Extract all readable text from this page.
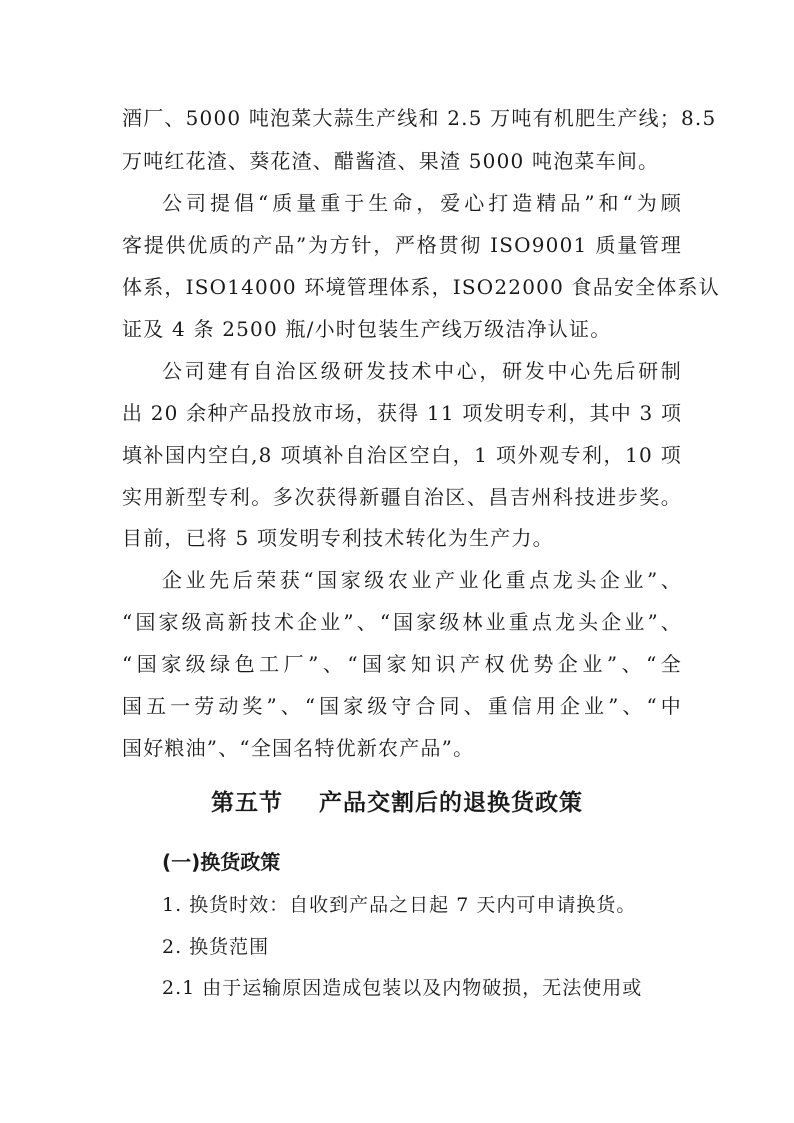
酒厂、5000 吨泡菜大蒜生产线和 2.5 万吨有机肥生产线；8.5
万吨红花渣、葵花渣、醋酱渣、果渣 5000 吨泡菜车间。
公司提倡“质量重于生命，爱心打造精品”和“为顾
客提供优质的产品”为方针，严格贯彻 ISO9001 质量管理
体系，ISO14000 环境管理体系，ISO22000 食品安全体系认
证及 4 条 2500 瓶/小时包装生产线万级洁净认证。
公司建有自治区级研发技术中心，研发中心先后研制
出 20 余种产品投放市场，获得 11 项发明专利，其中 3 项
填补国内空白,8 项填补自治区空白，1 项外观专利，10 项
实用新型专利。多次获得新疆自治区、昌吉州科技进步奖。
目前，已将 5 项发明专利技术转化为生产力。
企业先后荣获“国家级农业产业化重点龙头企业”、
“国家级高新技术企业”、“国家级林业重点龙头企业”、
“国家级绿色工厂”、“国家知识产权优势企业”、“全
国五一劳动奖”、“国家级守合同、重信用企业”、“中
国好粮油”、“全国名特优新农产品”。
第五节    产品交割后的退换货政策
(一)换货政策
1. 换货时效：自收到产品之日起 7 天内可申请换货。
2. 换货范围
2.1 由于运输原因造成包装以及内物破损，无法使用或
